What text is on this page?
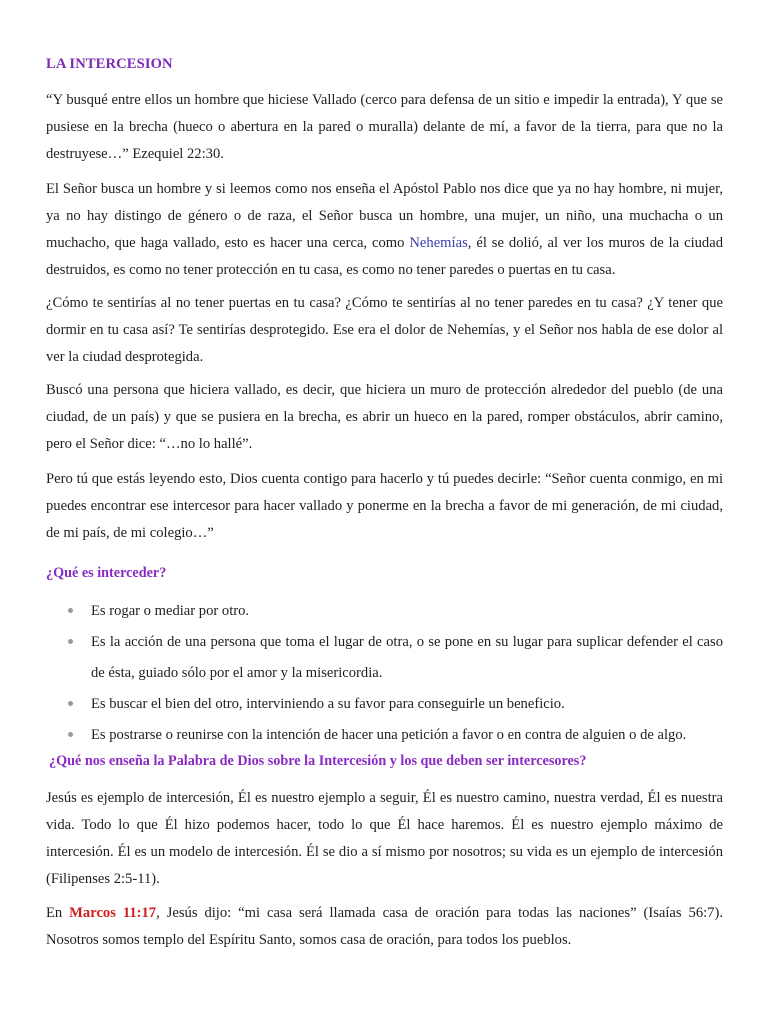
LA INTERCESION

“Y busqué entre ellos un hombre que hiciese Vallado (cerco para defensa de un sitio e impedir la entrada), Y que se pusiese en la brecha (hueco o abertura en la pared o muralla) delante de mí, a favor de la tierra, para que no la destruyese…” Ezequiel 22:30.

El Señor busca un hombre y si leemos como nos enseña el Apóstol Pablo nos dice que ya no hay hombre, ni mujer, ya no hay distingo de género o de raza, el Señor busca un hombre, una mujer, un niño, una muchacha o un muchacho, que haga vallado, esto es hacer una cerca, como Nehemías, él se dolió, al ver los muros de la ciudad destruidos, es como no tener protección en tu casa, es como no tener paredes o puertas en tu casa.

¿Cómo te sentirías al no tener puertas en tu casa? ¿Cómo te sentirías al no tener paredes en tu casa? ¿Y tener que dormir en tu casa así? Te sentirías desprotegido. Ese era el dolor de Nehemías, y el Señor nos habla de ese dolor al ver la ciudad desprotegida.

Buscó una persona que hiciera vallado, es decir, que hiciera un muro de protección alrededor del pueblo (de una ciudad, de un país) y que se pusiera en la brecha, es abrir un hueco en la pared, romper obstáculos, abrir camino, pero el Señor dice: “…no lo hallé”.

Pero tú que estás leyendo esto, Dios cuenta contigo para hacerlo y tú puedes decirle: “Señor cuenta conmigo, en mi puedes encontrar ese intercesor para hacer vallado y ponerme en la brecha a favor de mi generación, de mi ciudad, de mi país, de mi colegio…”

¿Qué es interceder?
Es rogar o mediar por otro.
Es la acción de una persona que toma el lugar de otra, o se pone en su lugar para suplicar defender el caso de ésta, guiado sólo por el amor y la misericordia.
Es buscar el bien del otro, interviniendo a su favor para conseguirle un beneficio.
Es postrarse o reunirse con la intención de hacer una petición a favor o en contra de alguien o de algo.
¿Qué nos enseña la Palabra de Dios sobre la Intercesión y los que deben ser intercesores?

Jesús es ejemplo de intercesión, Él es nuestro ejemplo a seguir, Él es nuestro camino, nuestra verdad, Él es nuestra vida. Todo lo que Él hizo podemos hacer, todo lo que Él hace haremos. Él es nuestro ejemplo máximo de intercesión. Él es un modelo de intercesión. Él se dio a sí mismo por nosotros; su vida es un ejemplo de intercesión (Filipenses 2:5-11).

En Marcos 11:17, Jesús dijo: “mi casa será llamada casa de oración para todas las naciones” (Isaías 56:7). Nosotros somos templo del Espíritu Santo, somos casa de oración, para todos los pueblos.
